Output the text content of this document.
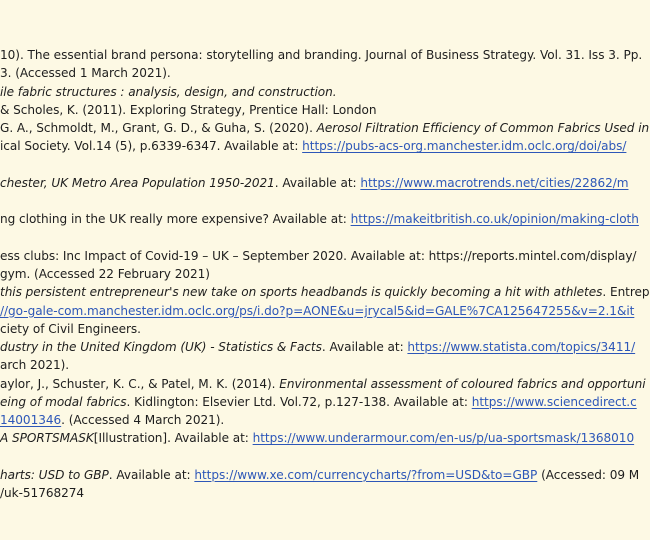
10). The essential brand persona: storytelling and branding. Journal of Business Strategy. Vol. 31. Iss 3. Pp.
3. (Accessed 1 March 2021).
ile fabric structures : analysis, design, and construction.
& Scholes, K. (2011). Exploring Strategy, Prentice Hall: London
G. A., Schmoldt, M., Grant, G. D., & Guha, S. (2020). Aerosol Filtration Efficiency of Common Fabrics Used in
ical Society. Vol.14 (5), p.6339-6347. Available at: https://pubs-acs-org.manchester.idm.oclc.org/doi/abs/
chester, UK Metro Area Population 1950-2021. Available at: https://www.macrotrends.net/cities/22862/m
ng clothing in the UK really more expensive? Available at: https://makeitbritish.co.uk/opinion/making-cloth
ess clubs: Inc Impact of Covid-19 – UK – September 2020. Available at: https://reports.mintel.com/display/
gym. (Accessed 22 February 2021)
this persistent entrepreneur's new take on sports headbands is quickly becoming a hit with athletes. Entrep
//go-gale-com.manchester.idm.oclc.org/ps/i.do?p=AONE&u=jrycal5&id=GALE%7CA125647255&v=2.1&it
ciety of Civil Engineers.
dustry in the United Kingdom (UK) - Statistics & Facts. Available at: https://www.statista.com/topics/3411/
arch 2021).
aylor, J., Schuster, K. C., & Patel, M. K. (2014). Environmental assessment of coloured fabrics and opportuni
eing of modal fabrics. Kidlington: Elsevier Ltd. Vol.72, p.127-138. Available at: https://www.sciencedirect.c
14001346. (Accessed 4 March 2021).
A SPORTSMASK[Illustration]. Available at: https://www.underarmour.com/en-us/p/ua-sportsmask/1368010
harts: USD to GBP. Available at: https://www.xe.com/currencycharts/?from=USD&to=GBP (Accessed: 09 M
/uk-51768274
